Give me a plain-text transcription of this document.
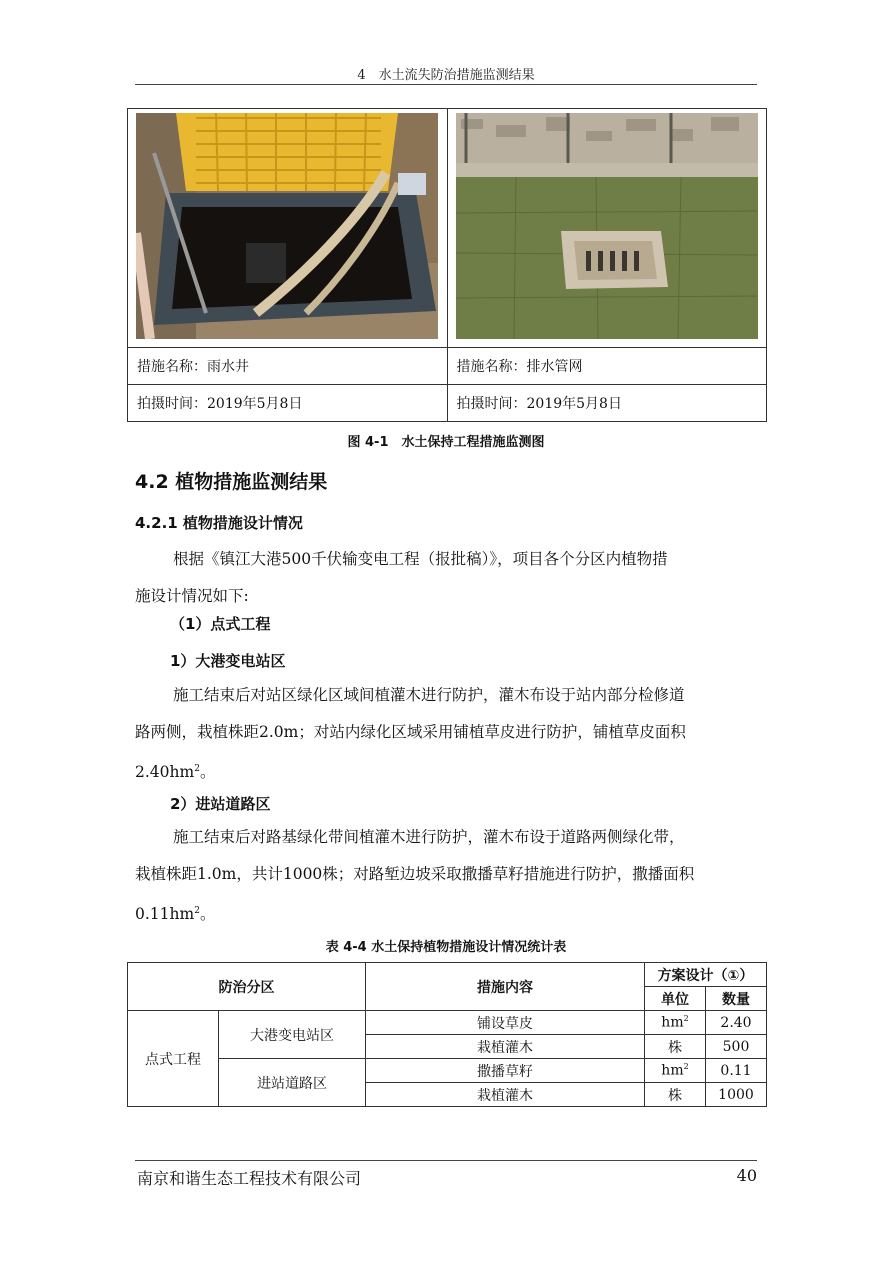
4　水土流失防治措施监测结果

措施名称：雨水井	措施名称：排水管网
拍摄时间：2019年5月8日	拍摄时间：2019年5月8日
图 4-1　水土保持工程措施监测图
4.2 植物措施监测结果
4.2.1 植物措施设计情况
根据《镇江大港500千伏输变电工程（报批稿）》，项目各个分区内植物措
施设计情况如下:
（1）点式工程
1）大港变电站区
施工结束后对站区绿化区域间植灌木进行防护，灌木布设于站内部分检修道
路两侧，栽植株距2.0m；对站内绿化区域采用铺植草皮进行防护，铺植草皮面积
$2.40hm^2$。
2）进站道路区
施工结束后对路基绿化带间植灌木进行防护，灌木布设于道路两侧绿化带，
栽植株距1.0m，共计1000株；对路堑边坡采取撒播草籽措施进行防护，撒播面积
$0.11hm^2$。
表 4-4 水土保持植物措施设计情况统计表
防治分区		措施内容	方案设计（①）	
			单位	数量
点式工程	大港变电站区	铺设草皮	$hm^2$	2.40
		栽植灌木	株	500
	进站道路区	撒播草籽	$hm^2$	0.11
		栽植灌木	株	1000
南京和谐生态工程技术有限公司	40
